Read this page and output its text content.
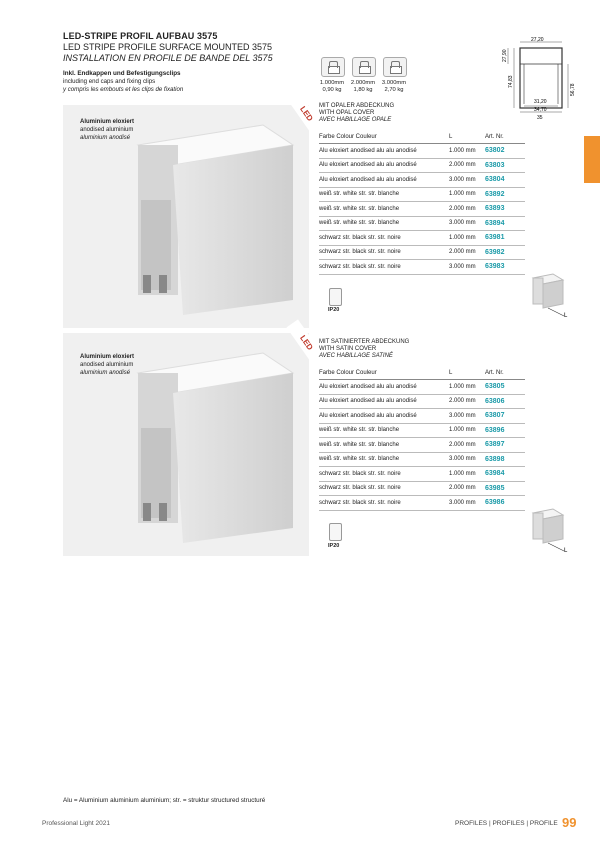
LED-STRIPE PROFIL AUFBAU 3575
LED STRIPE PROFILE SURFACE MOUNTED 3575
INSTALLATION EN PROFILE DE BANDE DEL 3575
Inkl. Endkappen und Befestigungsclips
including end caps and fixing clips
y compris les embouts et les clips de fixation
1.000mm
0,90 kg
2.000mm
1,80 kg
3.000mm
2,70 kg
27,20
27,90
74,83
56,78
31,20
34,70
35
Aluminium eloxiert
anodised aluminium
aluminium anodisé
LED MIT OPALER ABDECKUNG
WITH OPAL COVER
AVEC HABILLAGE OPALE
Farbe Colour Couleur	L	Art. Nr.
Alu eloxiert anodised alu alu anodisé	1.000 mm	63802
Alu eloxiert anodised alu alu anodisé	2.000 mm	63803
Alu eloxiert anodised alu alu anodisé	3.000 mm	63804
weiß str. white str. str. blanche	1.000 mm	63892
weiß str. white str. str. blanche	2.000 mm	63893
weiß str. white str. str. blanche	3.000 mm	63894
schwarz str. black str. str. noire	1.000 mm	63981
schwarz str. black str. str. noire	2.000 mm	63982
schwarz str. black str. str. noire	3.000 mm	63983
IP20
L
Aluminium eloxiert
anodised aluminium
aluminium anodisé
LED MIT SATINIERTER ABDECKUNG
WITH SATIN COVER
AVEC HABILLAGE SATINÉ
Farbe Colour Couleur	L	Art. Nr.
Alu eloxiert anodised alu alu anodisé	1.000 mm	63805
Alu eloxiert anodised alu alu anodisé	2.000 mm	63806
Alu eloxiert anodised alu alu anodisé	3.000 mm	63807
weiß str. white str. str. blanche	1.000 mm	63896
weiß str. white str. str. blanche	2.000 mm	63897
weiß str. white str. str. blanche	3.000 mm	63898
schwarz str. black str. str. noire	1.000 mm	63984
schwarz str. black str. str. noire	2.000 mm	63985
schwarz str. black str. str. noire	3.000 mm	63986
IP20
L
Alu = Aluminium aluminium aluminium; str. = struktur structured structuré
Professional Light 2021	PROFILES | PROFILES | PROFILE 99
